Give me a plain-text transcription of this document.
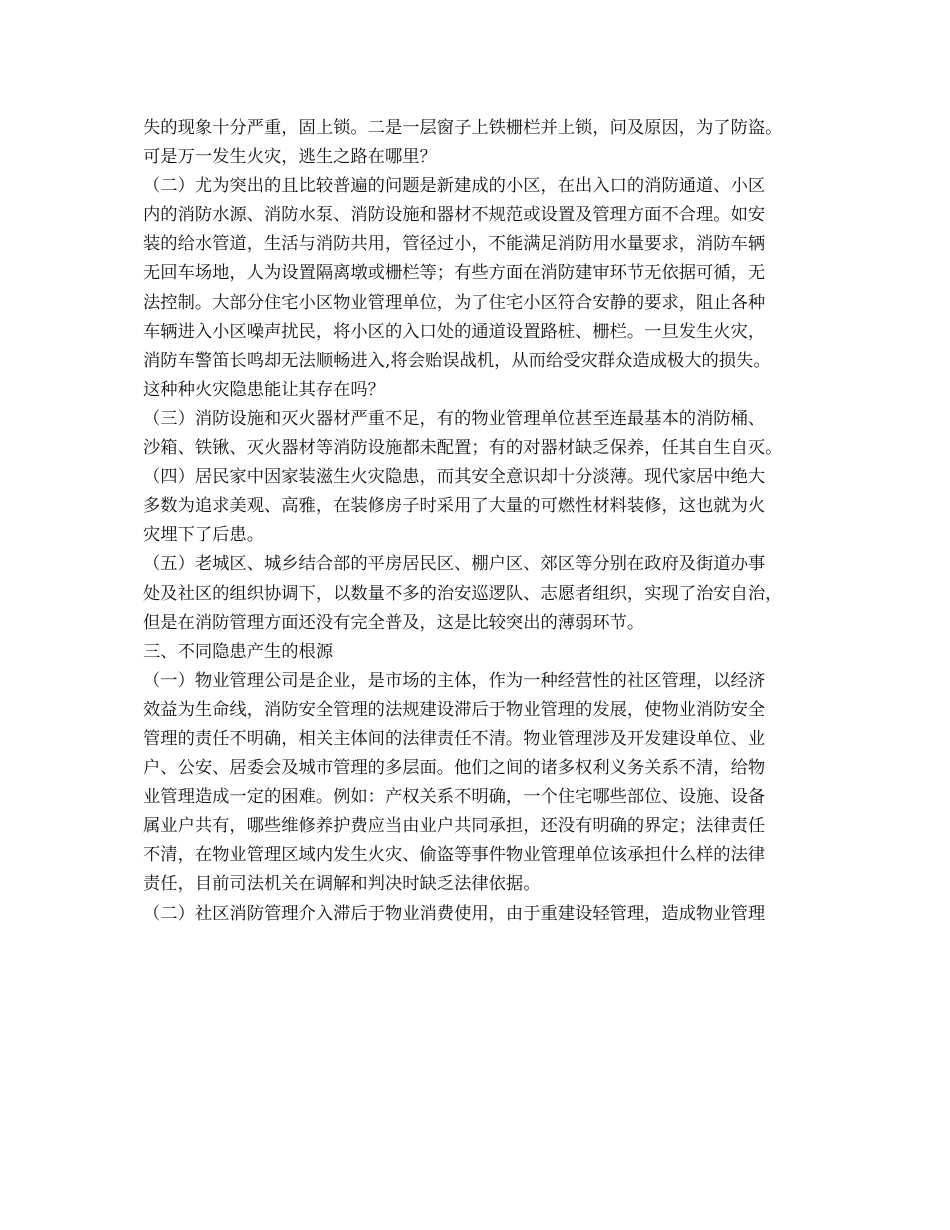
失的现象十分严重，固上锁。二是一层窗子上铁栅栏并上锁，问及原因，为了防盗。
可是万一发生火灾，逃生之路在哪里？
（二）尤为突出的且比较普遍的问题是新建成的小区，在出入口的消防通道、小区
内的消防水源、消防水泵、消防设施和器材不规范或设置及管理方面不合理。如安
装的给水管道，生活与消防共用，管径过小，不能满足消防用水量要求，消防车辆
无回车场地，人为设置隔离墩或栅栏等；有些方面在消防建审环节无依据可循，无
法控制。大部分住宅小区物业管理单位，为了住宅小区符合安静的要求，阻止各种
车辆进入小区噪声扰民，将小区的入口处的通道设置路桩、栅栏。一旦发生火灾，
消防车警笛长鸣却无法顺畅进入,将会贻误战机，从而给受灾群众造成极大的损失。
这种种火灾隐患能让其存在吗？
（三）消防设施和灭火器材严重不足，有的物业管理单位甚至连最基本的消防桶、
沙箱、铁锹、灭火器材等消防设施都未配置；有的对器材缺乏保养，任其自生自灭。
（四）居民家中因家装滋生火灾隐患，而其安全意识却十分淡薄。现代家居中绝大
多数为追求美观、高雅，在装修房子时采用了大量的可燃性材料装修，这也就为火
灾埋下了后患。
（五）老城区、城乡结合部的平房居民区、棚户区、郊区等分别在政府及街道办事
处及社区的组织协调下，以数量不多的治安巡逻队、志愿者组织，实现了治安自治，
但是在消防管理方面还没有完全普及，这是比较突出的薄弱环节。
三、不同隐患产生的根源
（一）物业管理公司是企业，是市场的主体，作为一种经营性的社区管理，以经济
效益为生命线，消防安全管理的法规建设滞后于物业管理的发展，使物业消防安全
管理的责任不明确，相关主体间的法律责任不清。物业管理涉及开发建设单位、业
户、公安、居委会及城市管理的多层面。他们之间的诸多权利义务关系不清，给物
业管理造成一定的困难。例如：产权关系不明确，一个住宅哪些部位、设施、设备
属业户共有，哪些维修养护费应当由业户共同承担，还没有明确的界定；法律责任
不清，在物业管理区域内发生火灾、偷盗等事件物业管理单位该承担什么样的法律
责任，目前司法机关在调解和判决时缺乏法律依据。
（二）社区消防管理介入滞后于物业消费使用，由于重建设轻管理，造成物业管理
